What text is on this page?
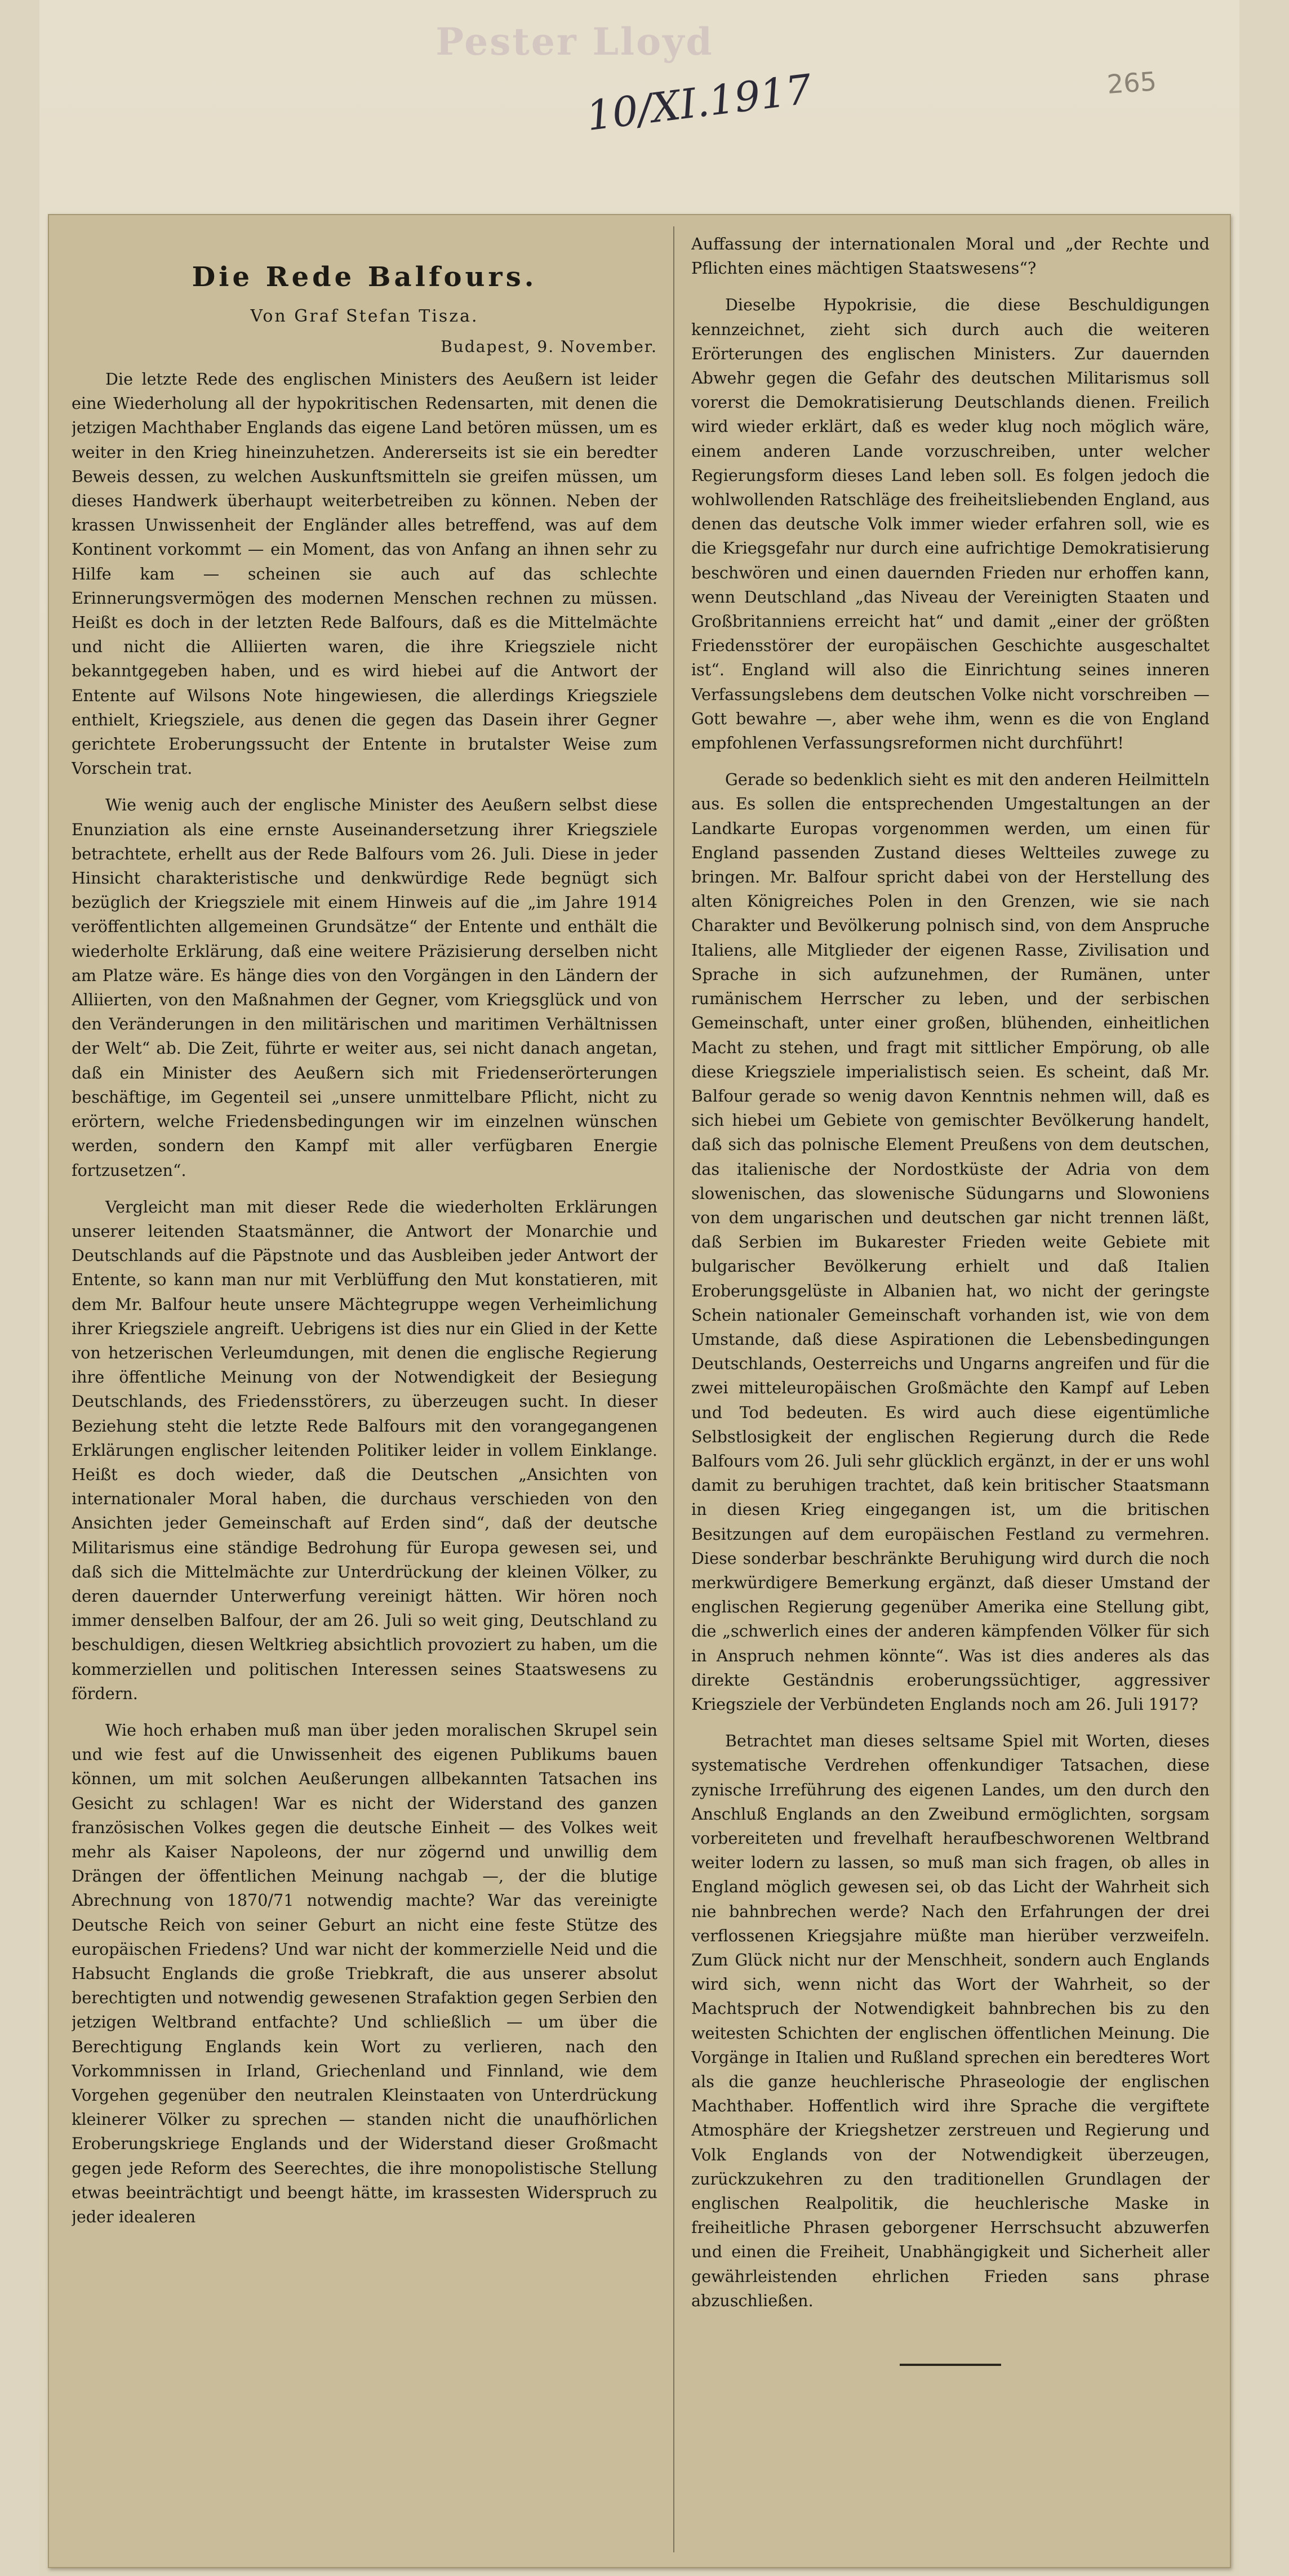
Pester Lloyd
10/XI.1917	265
Die Rede Balfours.
Von Graf Stefan Tisza.
Budapest, 9. November.

Die letzte Rede des englischen Ministers des Aeußern ist leider eine Wiederholung all der hypokritischen Redensarten, mit denen die jetzigen Machthaber Englands das eigene Land betören müssen, um es weiter in den Krieg hineinzuhetzen. Andererseits ist sie ein beredter Beweis dessen, zu welchen Auskunftsmitteln sie greifen müssen, um dieses Handwerk überhaupt weiterbetreiben zu können. Neben der krassen Unwissenheit der Engländer alles betreffend, was auf dem Kontinent vorkommt — ein Moment, das von Anfang an ihnen sehr zu Hilfe kam — scheinen sie auch auf das schlechte Erinnerungsvermögen des modernen Menschen rechnen zu müssen. Heißt es doch in der letzten Rede Balfours, daß es die Mittelmächte und nicht die Alliierten waren, die ihre Kriegsziele nicht bekanntgegeben haben, und es wird hiebei auf die Antwort der Entente auf Wilsons Note hingewiesen, die allerdings Kriegsziele enthielt, Kriegsziele, aus denen die gegen das Dasein ihrer Gegner gerichtete Eroberungssucht der Entente in brutalster Weise zum Vorschein trat.

Wie wenig auch der englische Minister des Aeußern selbst diese Enunziation als eine ernste Auseinandersetzung ihrer Kriegsziele betrachtete, erhellt aus der Rede Balfours vom 26. Juli. Diese in jeder Hinsicht charakteristische und denkwürdige Rede begnügt sich bezüglich der Kriegsziele mit einem Hinweis auf die „im Jahre 1914 veröffentlichten allgemeinen Grundsätze“ der Entente und enthält die wiederholte Erklärung, daß eine weitere Präzisierung derselben nicht am Platze wäre. Es hänge dies von den Vorgängen in den Ländern der Alliierten, von den Maßnahmen der Gegner, vom Kriegsglück und von den Veränderungen in den militärischen und maritimen Verhältnissen der Welt“ ab. Die Zeit, führte er weiter aus, sei nicht danach angetan, daß ein Minister des Aeußern sich mit Friedenserörterungen beschäftige, im Gegenteil sei „unsere unmittelbare Pflicht, nicht zu erörtern, welche Friedensbedingungen wir im einzelnen wünschen werden, sondern den Kampf mit aller verfügbaren Energie fortzusetzen“.

Vergleicht man mit dieser Rede die wiederholten Erklärungen unserer leitenden Staatsmänner, die Antwort der Monarchie und Deutschlands auf die Päpstnote und das Ausbleiben jeder Antwort der Entente, so kann man nur mit Verblüffung den Mut konstatieren, mit dem Mr. Balfour heute unsere Mächtegruppe wegen Verheimlichung ihrer Kriegsziele angreift. Uebrigens ist dies nur ein Glied in der Kette von hetzerischen Verleumdungen, mit denen die englische Regierung ihre öffentliche Meinung von der Notwendigkeit der Besiegung Deutschlands, des Friedensstörers, zu überzeugen sucht. In dieser Beziehung steht die letzte Rede Balfours mit den vorangegangenen Erklärungen englischer leitenden Politiker leider in vollem Einklange. Heißt es doch wieder, daß die Deutschen „Ansichten von internationaler Moral haben, die durchaus verschieden von den Ansichten jeder Gemeinschaft auf Erden sind“, daß der deutsche Militarismus eine ständige Bedrohung für Europa gewesen sei, und daß sich die Mittelmächte zur Unterdrückung der kleinen Völker, zu deren dauernder Unterwerfung vereinigt hätten. Wir hören noch immer denselben Balfour, der am 26. Juli so weit ging, Deutschland zu beschuldigen, diesen Weltkrieg absichtlich provoziert zu haben, um die kommerziellen und politischen Interessen seines Staatswesens zu fördern.

Wie hoch erhaben muß man über jeden moralischen Skrupel sein und wie fest auf die Unwissenheit des eigenen Publikums bauen können, um mit solchen Aeußerungen allbekannten Tatsachen ins Gesicht zu schlagen! War es nicht der Widerstand des ganzen französischen Volkes gegen die deutsche Einheit — des Volkes weit mehr als Kaiser Napoleons, der nur zögernd und unwillig dem Drängen der öffentlichen Meinung nachgab —, der die blutige Abrechnung von 1870/71 notwendig machte? War das vereinigte Deutsche Reich von seiner Geburt an nicht eine feste Stütze des europäischen Friedens? Und war nicht der kommerzielle Neid und die Habsucht Englands die große Triebkraft, die aus unserer absolut berechtigten und notwendig gewesenen Strafaktion gegen Serbien den jetzigen Weltbrand entfachte? Und schließlich — um über die Berechtigung Englands kein Wort zu verlieren, nach den Vorkommnissen in Irland, Griechenland und Finnland, wie dem Vorgehen gegenüber den neutralen Kleinstaaten von Unterdrückung kleinerer Völker zu sprechen — standen nicht die unaufhörlichen Eroberungskriege Englands und der Widerstand dieser Großmacht gegen jede Reform des Seerechtes, die ihre monopolistische Stellung etwas beeinträchtigt und beengt hätte, im krassesten Widerspruch zu jeder idealeren

Auffassung der internationalen Moral und „der Rechte und Pflichten eines mächtigen Staatswesens“?

Dieselbe Hypokrisie, die diese Beschuldigungen kennzeichnet, zieht sich durch auch die weiteren Erörterungen des englischen Ministers. Zur dauernden Abwehr gegen die Gefahr des deutschen Militarismus soll vorerst die Demokratisierung Deutschlands dienen. Freilich wird wieder erklärt, daß es weder klug noch möglich wäre, einem anderen Lande vorzuschreiben, unter welcher Regierungsform dieses Land leben soll. Es folgen jedoch die wohlwollenden Ratschläge des freiheitsliebenden England, aus denen das deutsche Volk immer wieder erfahren soll, wie es die Kriegsgefahr nur durch eine aufrichtige Demokratisierung beschwören und einen dauernden Frieden nur erhoffen kann, wenn Deutschland „das Niveau der Vereinigten Staaten und Großbritanniens erreicht hat“ und damit „einer der größten Friedensstörer der europäischen Geschichte ausgeschaltet ist“. England will also die Einrichtung seines inneren Verfassungslebens dem deutschen Volke nicht vorschreiben — Gott bewahre —, aber wehe ihm, wenn es die von England empfohlenen Verfassungsreformen nicht durchführt!

Gerade so bedenklich sieht es mit den anderen Heilmitteln aus. Es sollen die entsprechenden Umgestaltungen an der Landkarte Europas vorgenommen werden, um einen für England passenden Zustand dieses Weltteiles zuwege zu bringen. Mr. Balfour spricht dabei von der Herstellung des alten Königreiches Polen in den Grenzen, wie sie nach Charakter und Bevölkerung polnisch sind, von dem Anspruche Italiens, alle Mitglieder der eigenen Rasse, Zivilisation und Sprache in sich aufzunehmen, der Rumänen, unter rumänischem Herrscher zu leben, und der serbischen Gemeinschaft, unter einer großen, blühenden, einheitlichen Macht zu stehen, und fragt mit sittlicher Empörung, ob alle diese Kriegsziele imperialistisch seien. Es scheint, daß Mr. Balfour gerade so wenig davon Kenntnis nehmen will, daß es sich hiebei um Gebiete von gemischter Bevölkerung handelt, daß sich das polnische Element Preußens von dem deutschen, das italienische der Nordostküste der Adria von dem slowenischen, das slowenische Südungarns und Slowoniens von dem ungarischen und deutschen gar nicht trennen läßt, daß Serbien im Bukarester Frieden weite Gebiete mit bulgarischer Bevölkerung erhielt und daß Italien Eroberungsgelüste in Albanien hat, wo nicht der geringste Schein nationaler Gemeinschaft vorhanden ist, wie von dem Umstande, daß diese Aspirationen die Lebensbedingungen Deutschlands, Oesterreichs und Ungarns angreifen und für die zwei mitteleuropäischen Großmächte den Kampf auf Leben und Tod bedeuten. Es wird auch diese eigentümliche Selbstlosigkeit der englischen Regierung durch die Rede Balfours vom 26. Juli sehr glücklich ergänzt, in der er uns wohl damit zu beruhigen trachtet, daß kein britischer Staatsmann in diesen Krieg eingegangen ist, um die britischen Besitzungen auf dem europäischen Festland zu vermehren. Diese sonderbar beschränkte Beruhigung wird durch die noch merkwürdigere Bemerkung ergänzt, daß dieser Umstand der englischen Regierung gegenüber Amerika eine Stellung gibt, die „schwerlich eines der anderen kämpfenden Völker für sich in Anspruch nehmen könnte“. Was ist dies anderes als das direkte Geständnis eroberungssüchtiger, aggressiver Kriegsziele der Verbündeten Englands noch am 26. Juli 1917?

Betrachtet man dieses seltsame Spiel mit Worten, dieses systematische Verdrehen offenkundiger Tatsachen, diese zynische Irreführung des eigenen Landes, um den durch den Anschluß Englands an den Zweibund ermöglichten, sorgsam vorbereiteten und frevelhaft heraufbeschworenen Weltbrand weiter lodern zu lassen, so muß man sich fragen, ob alles in England möglich gewesen sei, ob das Licht der Wahrheit sich nie bahnbrechen werde? Nach den Erfahrungen der drei verflossenen Kriegsjahre müßte man hierüber verzweifeln. Zum Glück nicht nur der Menschheit, sondern auch Englands wird sich, wenn nicht das Wort der Wahrheit, so der Machtspruch der Notwendigkeit bahnbrechen bis zu den weitesten Schichten der englischen öffentlichen Meinung. Die Vorgänge in Italien und Rußland sprechen ein beredteres Wort als die ganze heuchlerische Phraseologie der englischen Machthaber. Hoffentlich wird ihre Sprache die vergiftete Atmosphäre der Kriegshetzer zerstreuen und Regierung und Volk Englands von der Notwendigkeit überzeugen, zurückzukehren zu den traditionellen Grundlagen der englischen Realpolitik, die heuchlerische Maske in freiheitliche Phrasen geborgener Herrschsucht abzuwerfen und einen die Freiheit, Unabhängigkeit und Sicherheit aller gewährleistenden ehrlichen Frieden sans phrase abzuschließen.
